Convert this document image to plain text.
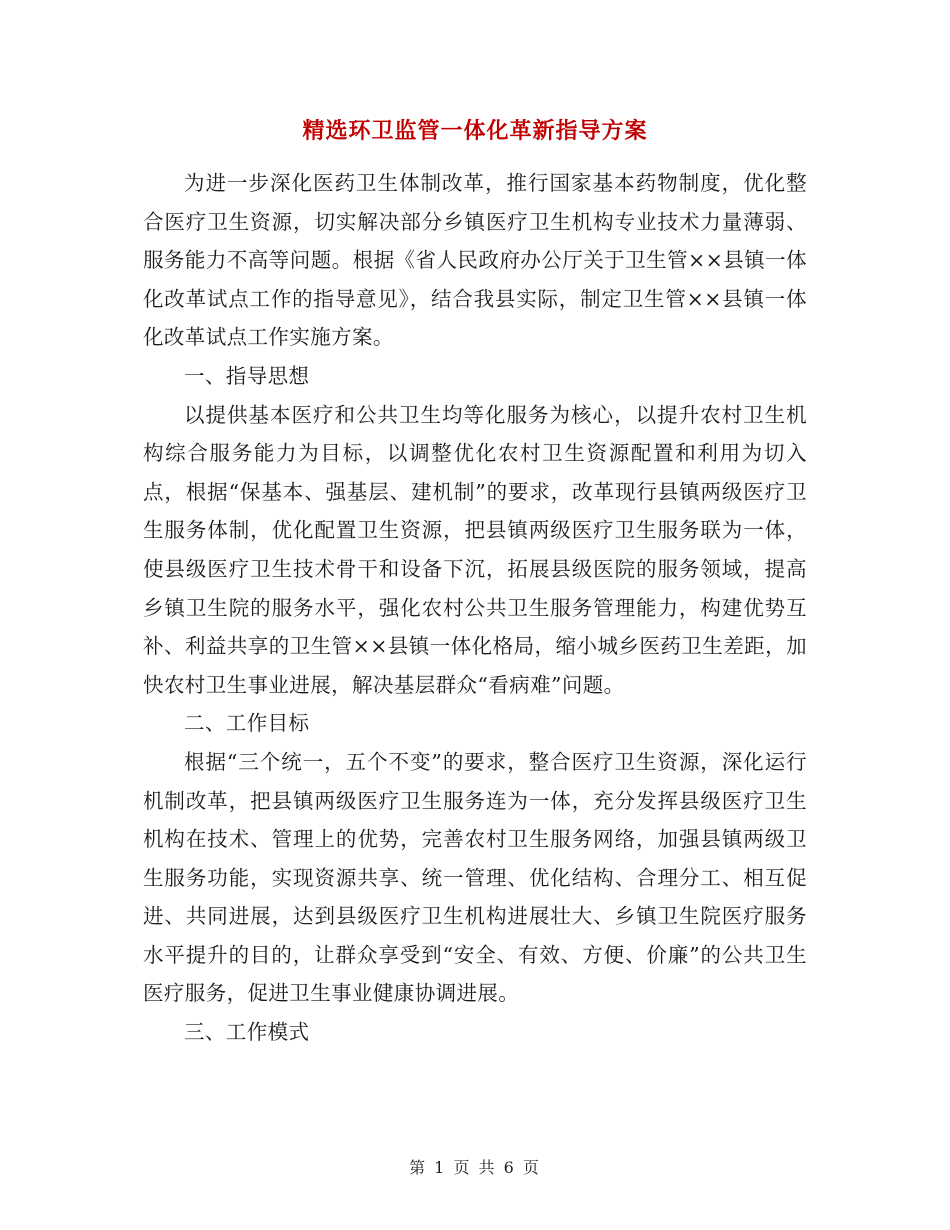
精选环卫监管一体化革新指导方案

为进一步深化医药卫生体制改革，推行国家基本药物制度，优化整合医疗卫生资源，切实解决部分乡镇医疗卫生机构专业技术力量薄弱、服务能力不高等问题。根据《省人民政府办公厅关于卫生管××县镇一体化改革试点工作的指导意见》，结合我县实际，制定卫生管××县镇一体化改革试点工作实施方案。

一、指导思想

以提供基本医疗和公共卫生均等化服务为核心，以提升农村卫生机构综合服务能力为目标，以调整优化农村卫生资源配置和利用为切入点，根据“保基本、强基层、建机制”的要求，改革现行县镇两级医疗卫生服务体制，优化配置卫生资源，把县镇两级医疗卫生服务联为一体，使县级医疗卫生技术骨干和设备下沉，拓展县级医院的服务领域，提高乡镇卫生院的服务水平，强化农村公共卫生服务管理能力，构建优势互补、利益共享的卫生管××县镇一体化格局，缩小城乡医药卫生差距，加快农村卫生事业进展，解决基层群众“看病难”问题。

二、工作目标

根据“三个统一，五个不变”的要求，整合医疗卫生资源，深化运行机制改革，把县镇两级医疗卫生服务连为一体，充分发挥县级医疗卫生机构在技术、管理上的优势，完善农村卫生服务网络，加强县镇两级卫生服务功能，实现资源共享、统一管理、优化结构、合理分工、相互促进、共同进展，达到县级医疗卫生机构进展壮大、乡镇卫生院医疗服务水平提升的目的，让群众享受到“安全、有效、方便、价廉”的公共卫生医疗服务，促进卫生事业健康协调进展。

三、工作模式

第 1 页 共 6 页
